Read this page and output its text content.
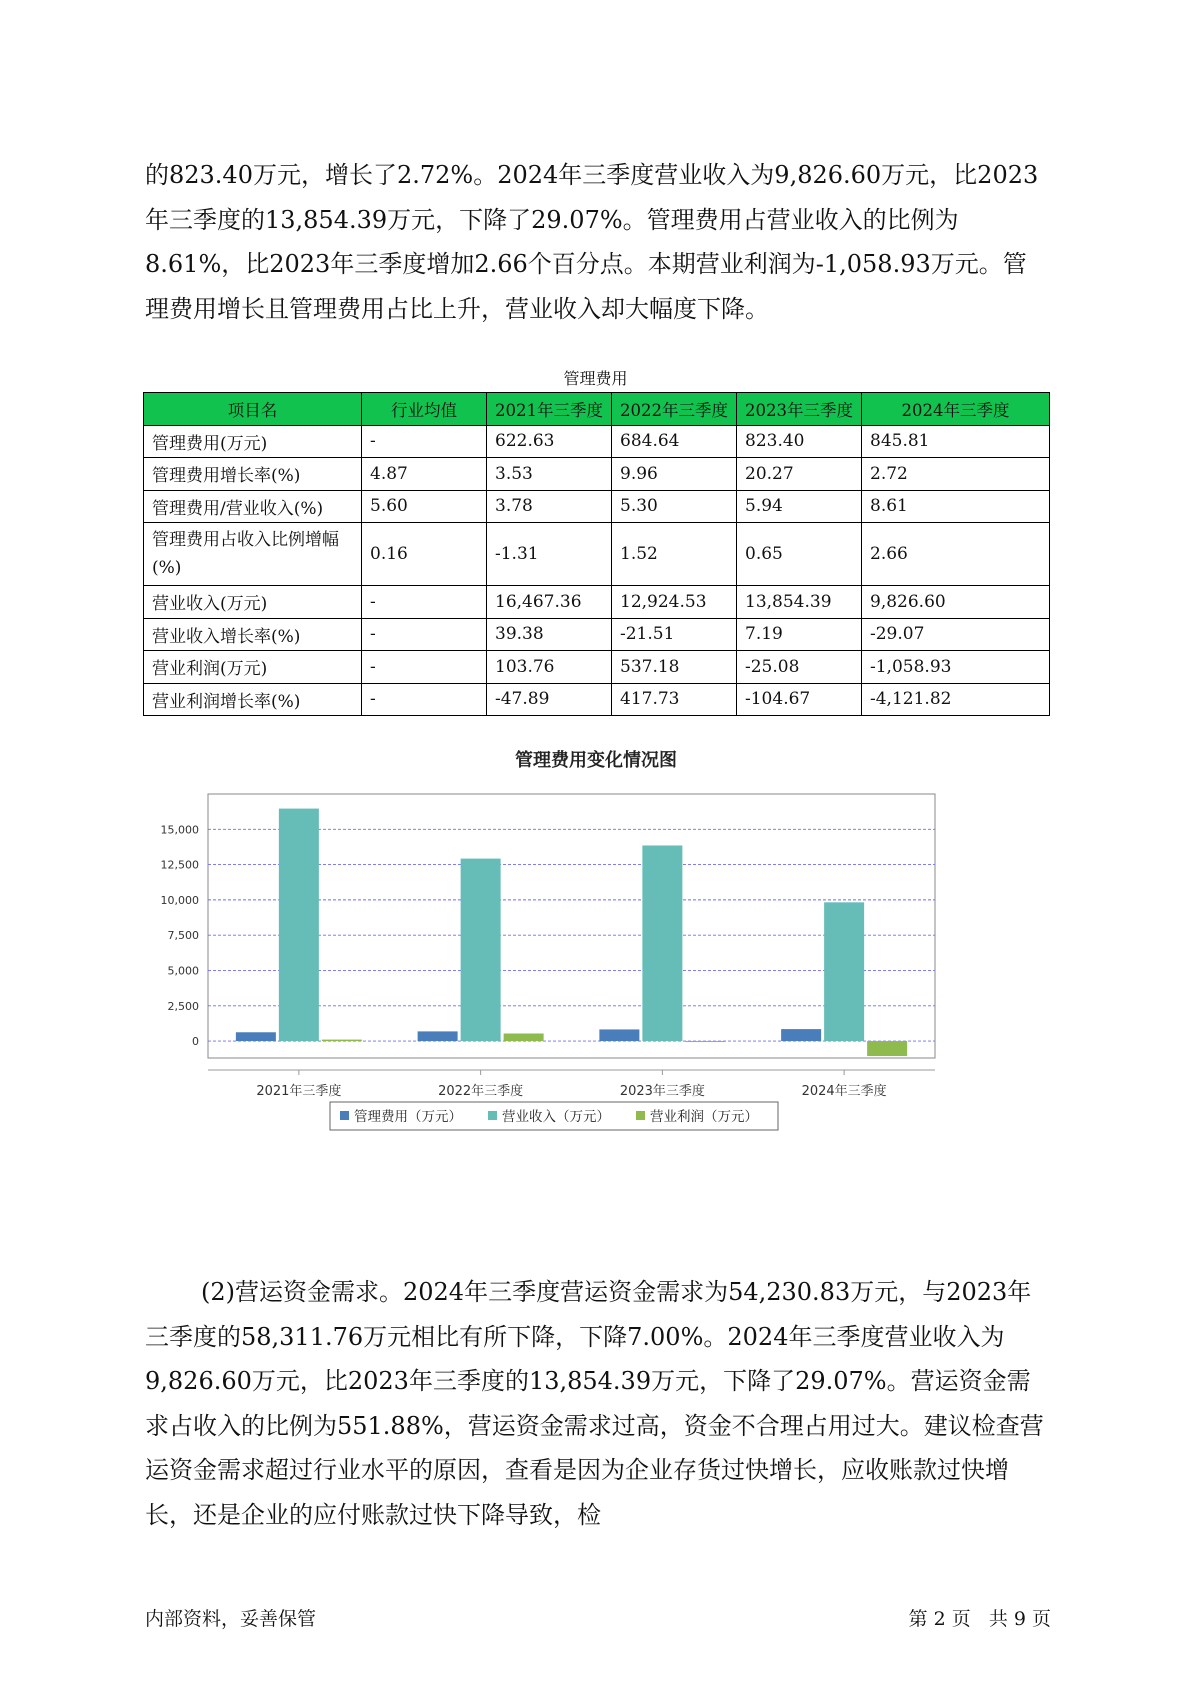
的823.40万元，增长了2.72%。2024年三季度营业收入为9,826.60万元，比2023年三季度的13,854.39万元，下降了29.07%。管理费用占营业收入的比例为8.61%，比2023年三季度增加2.66个百分点。本期营业利润为-1,058.93万元。管理费用增长且管理费用占比上升，营业收入却大幅度下降。

管理费用
项目名	行业均值	2021年三季度	2022年三季度	2023年三季度	2024年三季度
管理费用(万元)	-	622.63	684.64	823.40	845.81
管理费用增长率(%)	4.87	3.53	9.96	20.27	2.72
管理费用/营业收入(%)	5.60	3.78	5.30	5.94	8.61
管理费用占收入比例增幅(%)	0.16	-1.31	1.52	0.65	2.66
营业收入(万元)	-	16,467.36	12,924.53	13,854.39	9,826.60
营业收入增长率(%)	-	39.38	-21.51	7.19	-29.07
营业利润(万元)	-	103.76	537.18	-25.08	-1,058.93
营业利润增长率(%)	-	-47.89	417.73	-104.67	-4,121.82
管理费用变化情况图
0
2,500
5,000
7,500
10,000
12,500
15,000
2021年三季度	2022年三季度	2023年三季度	2024年三季度
管理费用（万元）	营业收入（万元）	营业利润（万元）

(2)营运资金需求。2024年三季度营运资金需求为54,230.83万元，与2023年三季度的58,311.76万元相比有所下降，下降7.00%。2024年三季度营业收入为9,826.60万元，比2023年三季度的13,854.39万元，下降了29.07%。营运资金需求占收入的比例为551.88%，营运资金需求过高，资金不合理占用过大。建议检查营运资金需求超过行业水平的原因，查看是因为企业存货过快增长，应收账款过快增长，还是企业的应付账款过快下降导致，检

内部资料，妥善保管	第 2 页   共 9 页
